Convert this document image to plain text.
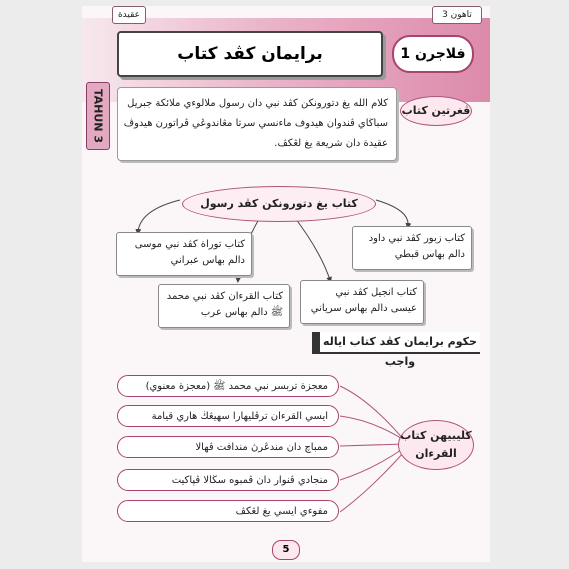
عقيدة	تاهون 3
برايمان كڤد كتاب	فلاجرن 1
TAHUN 3 كلام الله يغ دتورونكن كڤد نبي دان رسول ملالوءي ملائكة جبريل
سباڬاي ڤندوان هيدوف ماءنسي سرتا مڠاندوڠي ڤراتورن هيدوڤ
عقيدة دان شريعة يغ لڠكڤ.
ڤغرتين كتاب
كتاب يغ دتورونكن كڤد رسول
كتاب زبور كڤد نبي داود
دالم بهاس قبطي
كتاب توراة كڤد نبي موسى
دالم بهاس عبراني
كتاب انجيل كڤد نبي
عيسى دالم بهاس سرياني
كتاب القرءان كڤد نبي محمد
ﷺ دالم بهاس عرب
حكوم برايمان كڤد كتاب اياله واجب
معجزة تربسر نبي محمد ﷺ (معجزة معنوي)
ايسي القرءان ترڤليهارا سهيڠڬ هاري قيامة
ممباچ دان مندڠرڽ مندافت ڤهالا
منجادي ڤنوار دان ڤمبوه سڬالا ڤڽاكيت
مفوءي ايسي يغ لڠكڤ
كليبيهن كتاب
القرءان
5
